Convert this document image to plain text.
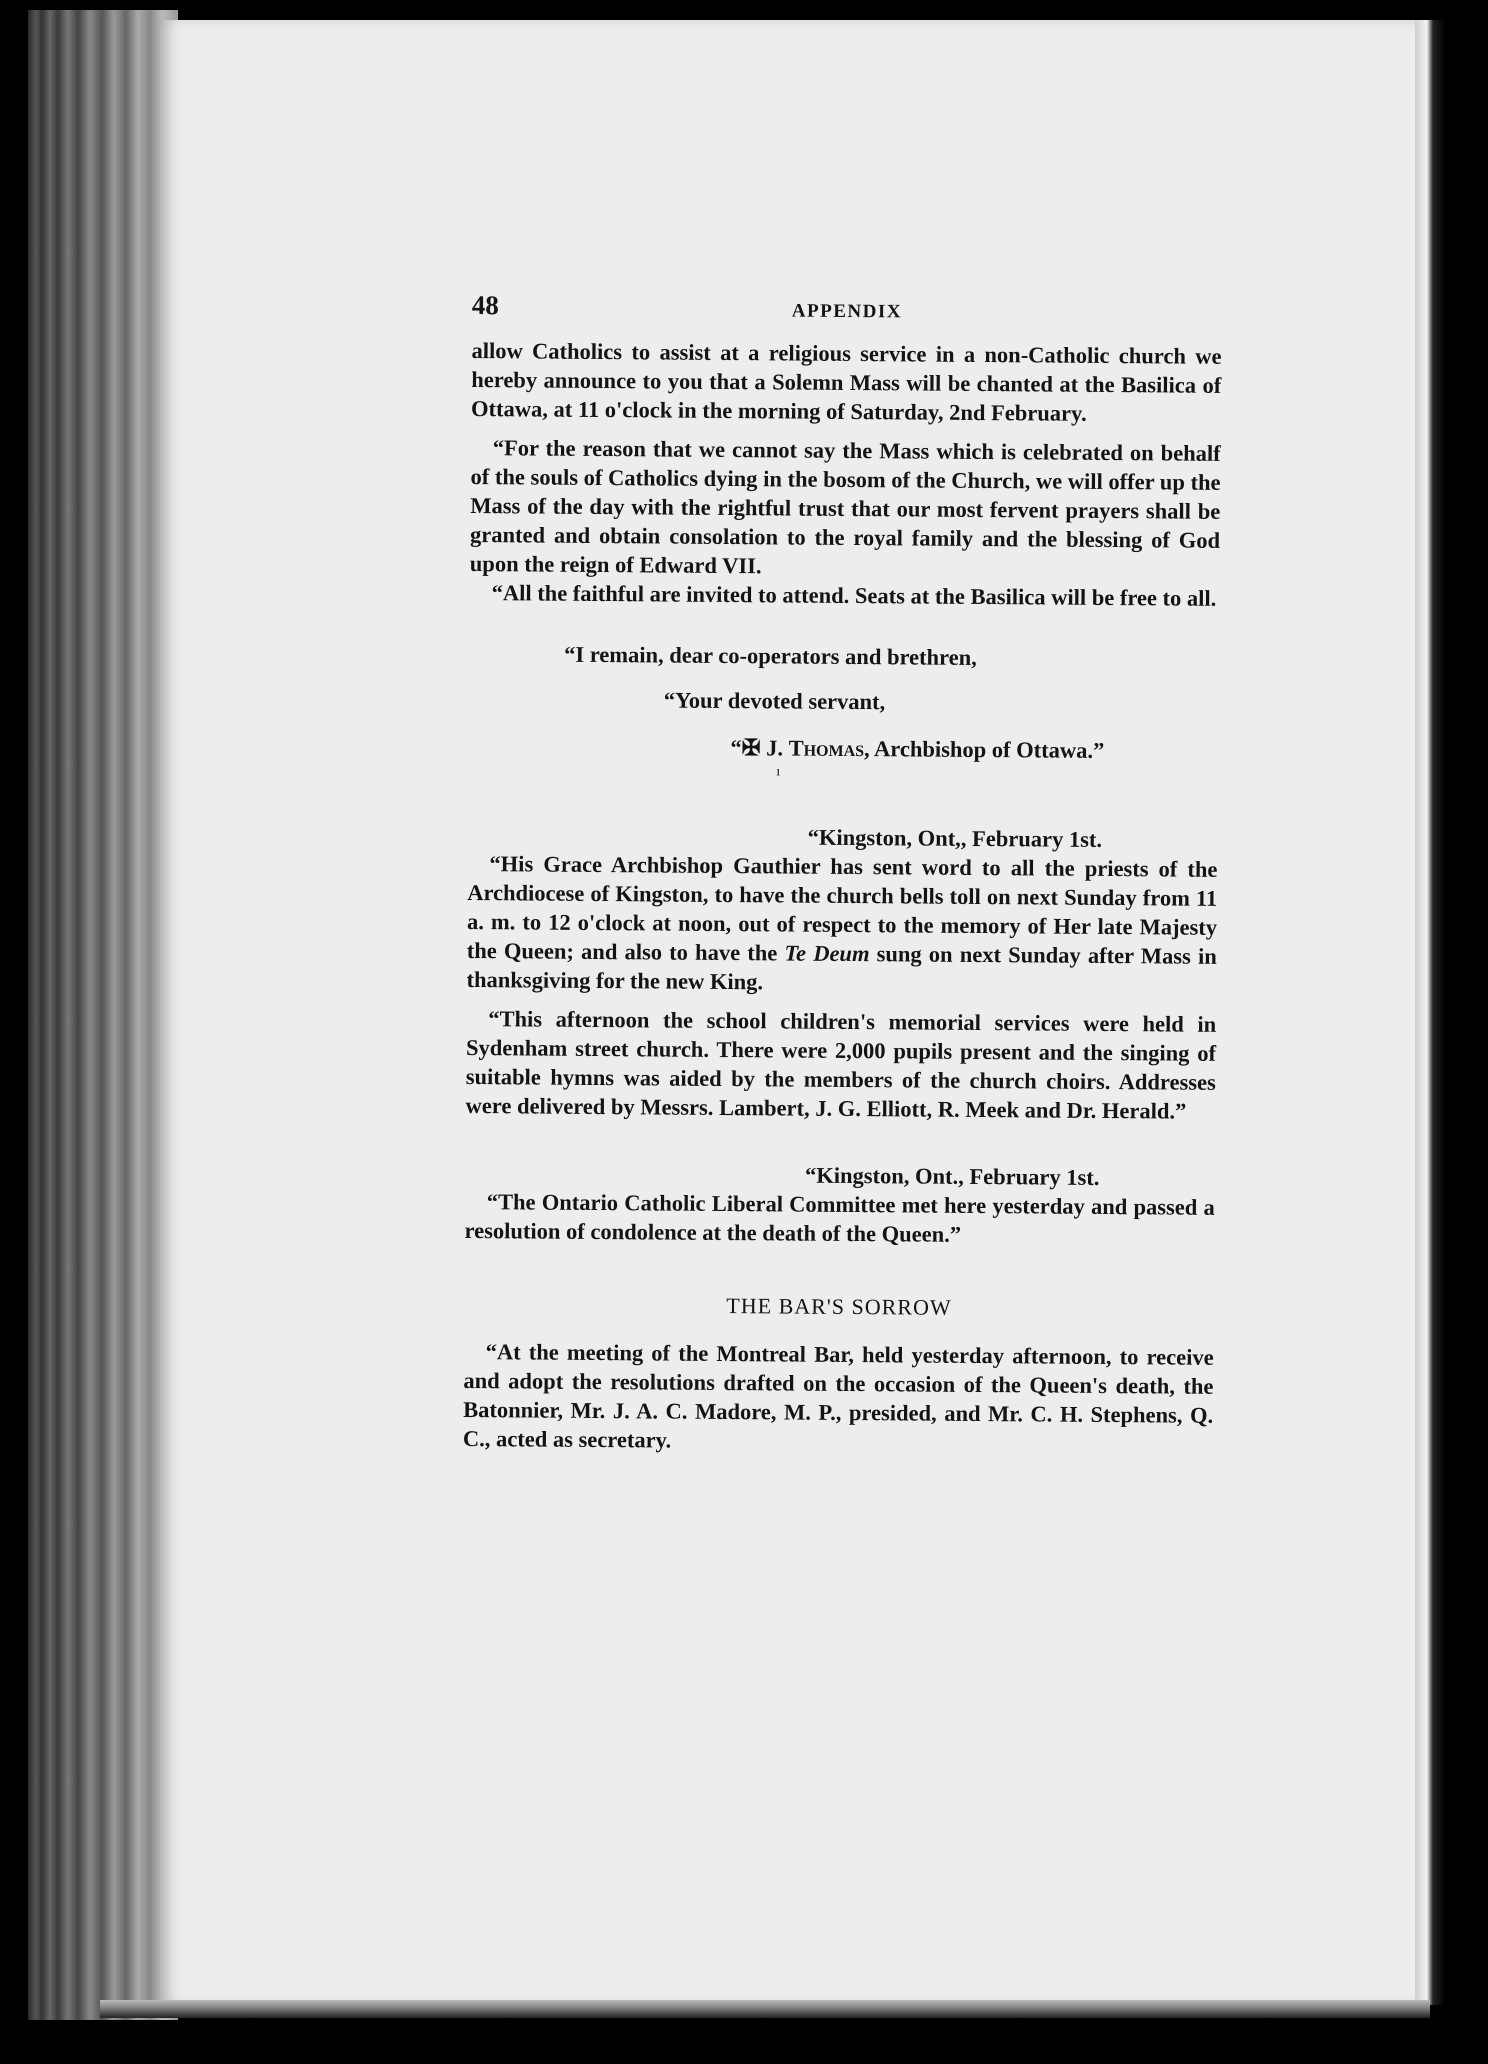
48	APPENDIX

allow Catholics to assist at a religious service in a non-Catholic church we hereby announce to you that a Solemn Mass will be chanted at the Basilica of Ottawa, at 11 o'clock in the morning of Saturday, 2nd February.

“For the reason that we cannot say the Mass which is celebrated on behalf of the souls of Catholics dying in the bosom of the Church, we will offer up the Mass of the day with the rightful trust that our most fervent prayers shall be granted and obtain consolation to the royal family and the blessing of God upon the reign of Edward VII.

“All the faithful are invited to attend. Seats at the Basilica will be free to all.

“I remain, dear co-operators and brethren,
“Your devoted servant,
“✠ J. Thomas, Archbishop of Ottawa.”
ı
“Kingston, Ont,, February 1st.

“His Grace Archbishop Gauthier has sent word to all the priests of the Archdiocese of Kingston, to have the church bells toll on next Sunday from 11 a. m. to 12 o'clock at noon, out of respect to the memory of Her late Majesty the Queen; and also to have the Te Deum sung on next Sunday after Mass in thanksgiving for the new King.

“This afternoon the school children's memorial services were held in Sydenham street church. There were 2,000 pupils present and the singing of suitable hymns was aided by the members of the church choirs. Addresses were delivered by Messrs. Lambert, J. G. Elliott, R. Meek and Dr. Herald.”

“Kingston, Ont., February 1st.

“The Ontario Catholic Liberal Committee met here yesterday and passed a resolution of condolence at the death of the Queen.”

THE BAR'S SORROW

“At the meeting of the Montreal Bar, held yesterday afternoon, to receive and adopt the resolutions drafted on the occasion of the Queen's death, the Batonnier, Mr. J. A. C. Madore, M. P., presided, and Mr. C. H. Stephens, Q. C., acted as secretary.
